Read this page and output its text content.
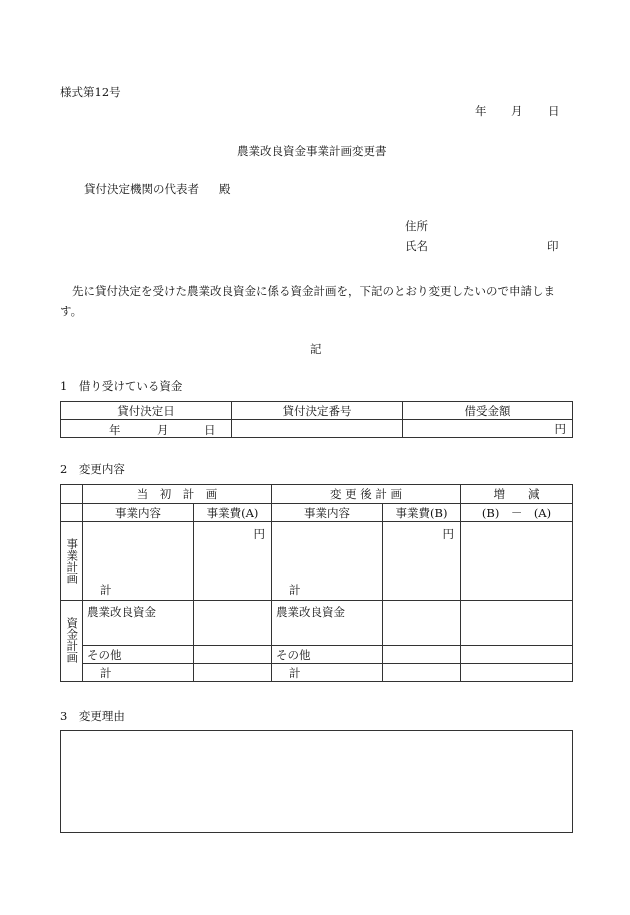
様式第12号
年 月 日
農業改良資金事業計画変更書
貸付決定機関の代表者 殿
住所
氏名	印
先に貸付決定を受けた農業改良資金に係る資金計画を，下記のとおり変更したいので申請しま
す。
記
1　借り受けている資金
貸付決定日	貸付決定番号	借受金額

年 月 日		円
2　変更内容
	当　初　計　画		変 更 後 計 画		増　　減
	事業内容	事業費(A)	事業内容	事業費(B)	(B)　－　(A)

事業計画	計	円	計	円	

資金計画	農業改良資金		農業改良資金		
	その他		その他		
	計		計		
3　変更理由
